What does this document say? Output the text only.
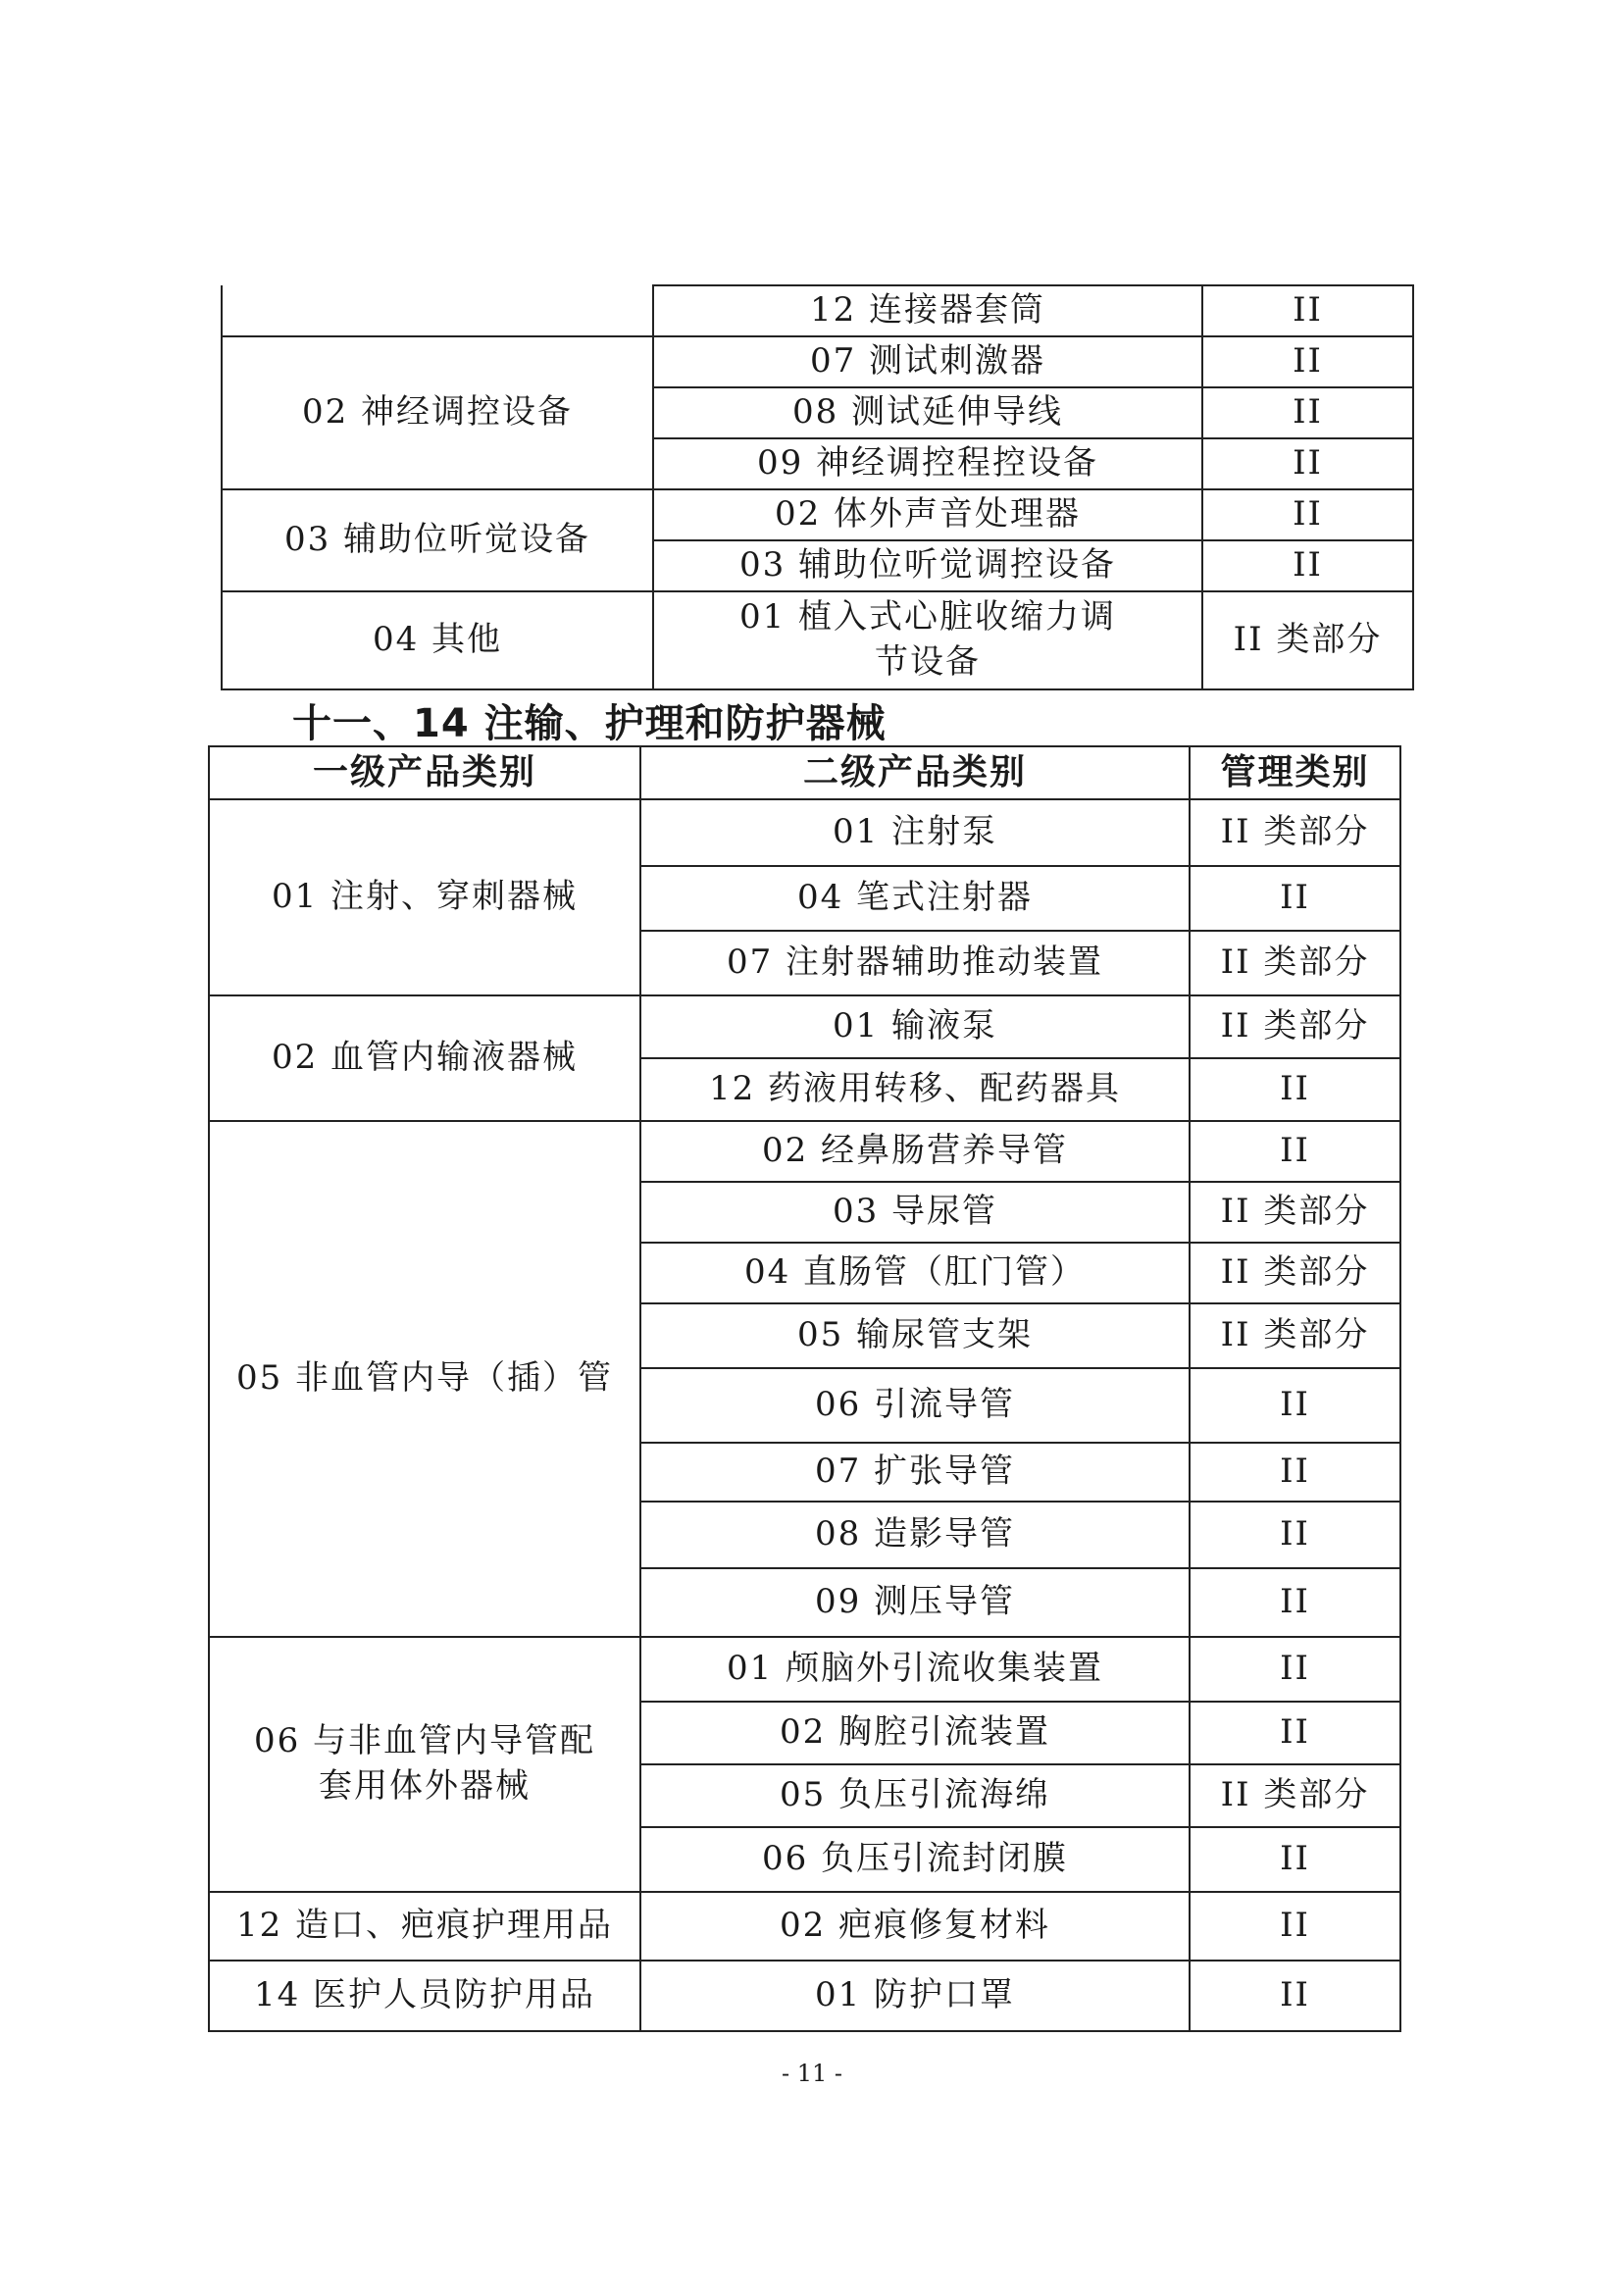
	12 连接器套筒	II
02 神经调控设备	07 测试刺激器	II
	08 测试延伸导线	II
	09 神经调控程控设备	II
03 辅助位听觉设备	02 体外声音处理器	II
	03 辅助位听觉调控设备	II
04 其他	01 植入式心脏收缩力调节设备	II 类部分
十一、14 注输、护理和防护器械
一级产品类别	二级产品类别	管理类别
01 注射、穿刺器械	01 注射泵	II 类部分
	04 笔式注射器	II
	07 注射器辅助推动装置	II 类部分
02 血管内输液器械	01 输液泵	II 类部分
	12 药液用转移、配药器具	II
05 非血管内导（插）管	02 经鼻肠营养导管	II
	03 导尿管	II 类部分
	04 直肠管（肛门管）	II 类部分
	05 输尿管支架	II 类部分
	06 引流导管	II
	07 扩张导管	II
	08 造影导管	II
	09 测压导管	II
06 与非血管内导管配套用体外器械	01 颅脑外引流收集装置	II
	02 胸腔引流装置	II
	05 负压引流海绵	II 类部分
	06 负压引流封闭膜	II
12 造口、疤痕护理用品	02 疤痕修复材料	II
14 医护人员防护用品	01 防护口罩	II
- 11 -
